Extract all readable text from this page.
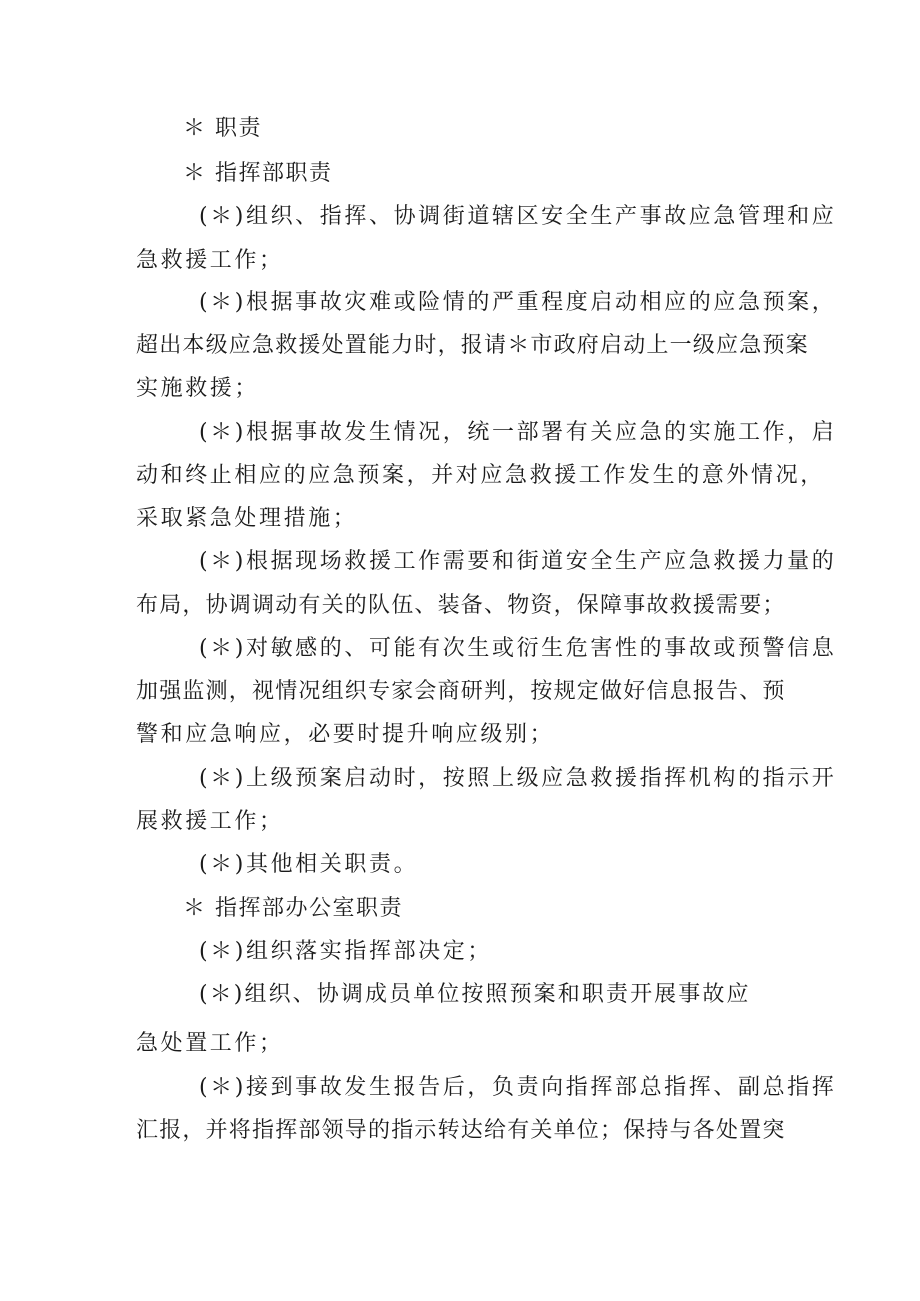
＊ 职责
＊ 指挥部职责
(＊)组织、指挥、协调街道辖区安全生产事故应急管理和应
急救援工作；
(＊)根据事故灾难或险情的严重程度启动相应的应急预案，
超出本级应急救援处置能力时，报请＊市政府启动上一级应急预案
实施救援；
(＊)根据事故发生情况，统一部署有关应急的实施工作，启
动和终止相应的应急预案，并对应急救援工作发生的意外情况，
采取紧急处理措施；
(＊)根据现场救援工作需要和街道安全生产应急救援力量的
布局，协调调动有关的队伍、装备、物资，保障事故救援需要；
(＊)对敏感的、可能有次生或衍生危害性的事故或预警信息
加强监测，视情况组织专家会商研判，按规定做好信息报告、预
警和应急响应，必要时提升响应级别；
(＊)上级预案启动时，按照上级应急救援指挥机构的指示开
展救援工作；
(＊)其他相关职责。
＊ 指挥部办公室职责
(＊)组织落实指挥部决定；
(＊)组织、协调成员单位按照预案和职责开展事故应
急处置工作；
(＊)接到事故发生报告后，负责向指挥部总指挥、副总指挥
汇报，并将指挥部领导的指示转达给有关单位；保持与各处置突
